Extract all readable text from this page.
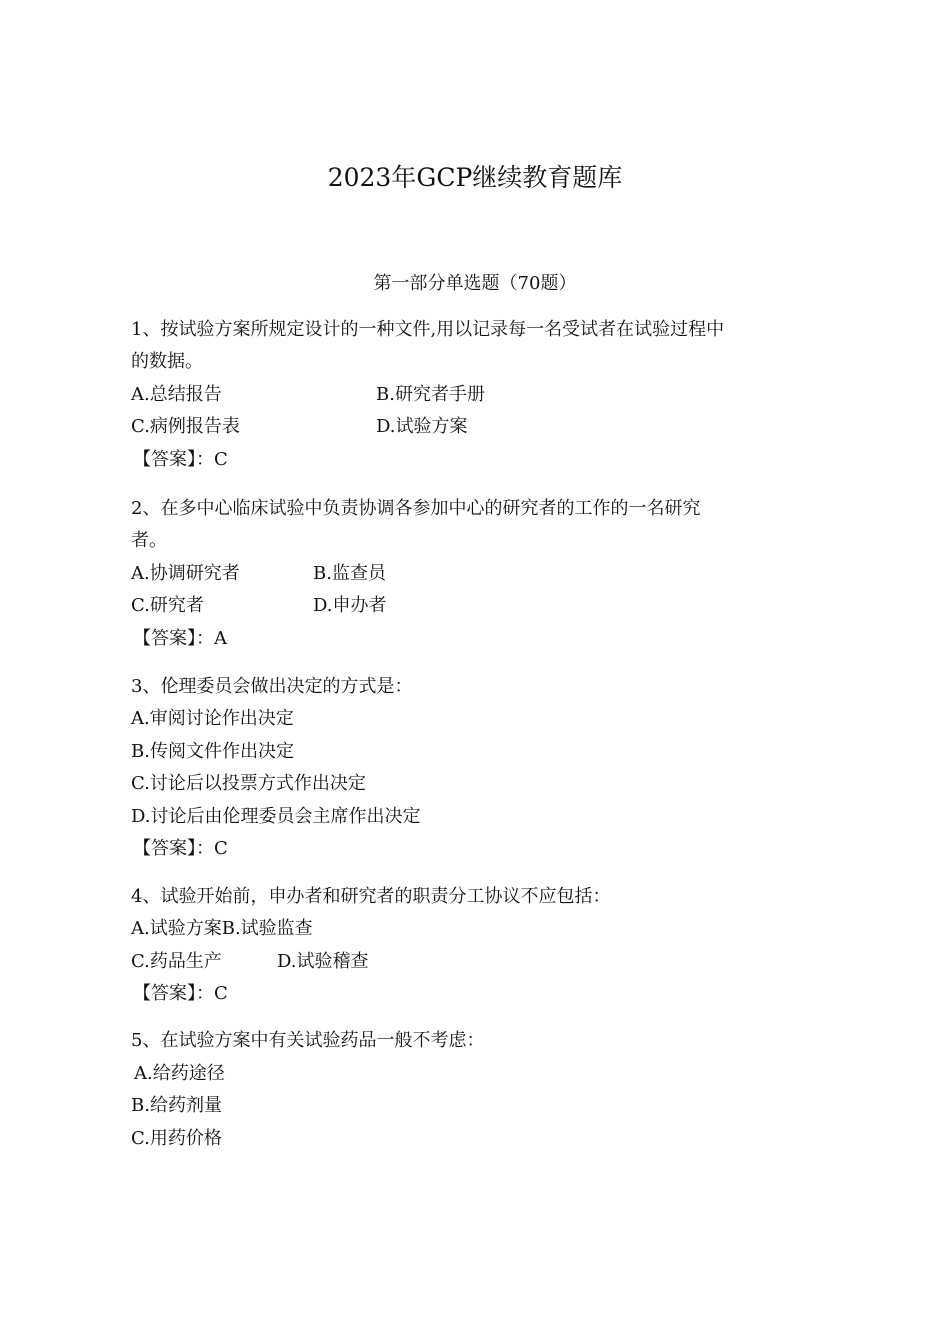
2023年GCP继续教育题库
第一部分单选题（70题）
1、按试验方案所规定设计的一种文件,用以记录每一名受试者在试验过程中
的数据。
A.总结报告	B.研究者手册
C.病例报告表	D.试验方案
【答案】：C
2、在多中心临床试验中负责协调各参加中心的研究者的工作的一名研究
者。
A.协调研究者	B.监查员
C.研究者	D.申办者
【答案】：A
3、伦理委员会做出决定的方式是：
A.审阅讨论作出决定
B.传阅文件作出决定
C.讨论后以投票方式作出决定
D.讨论后由伦理委员会主席作出决定
【答案】：C
4、试验开始前，申办者和研究者的职责分工协议不应包括：
A.试验方案B.试验监查
C.药品生产	D.试验稽查
【答案】：C
5、在试验方案中有关试验药品一般不考虑：
A.给药途径
B.给药剂量
C.用药价格
